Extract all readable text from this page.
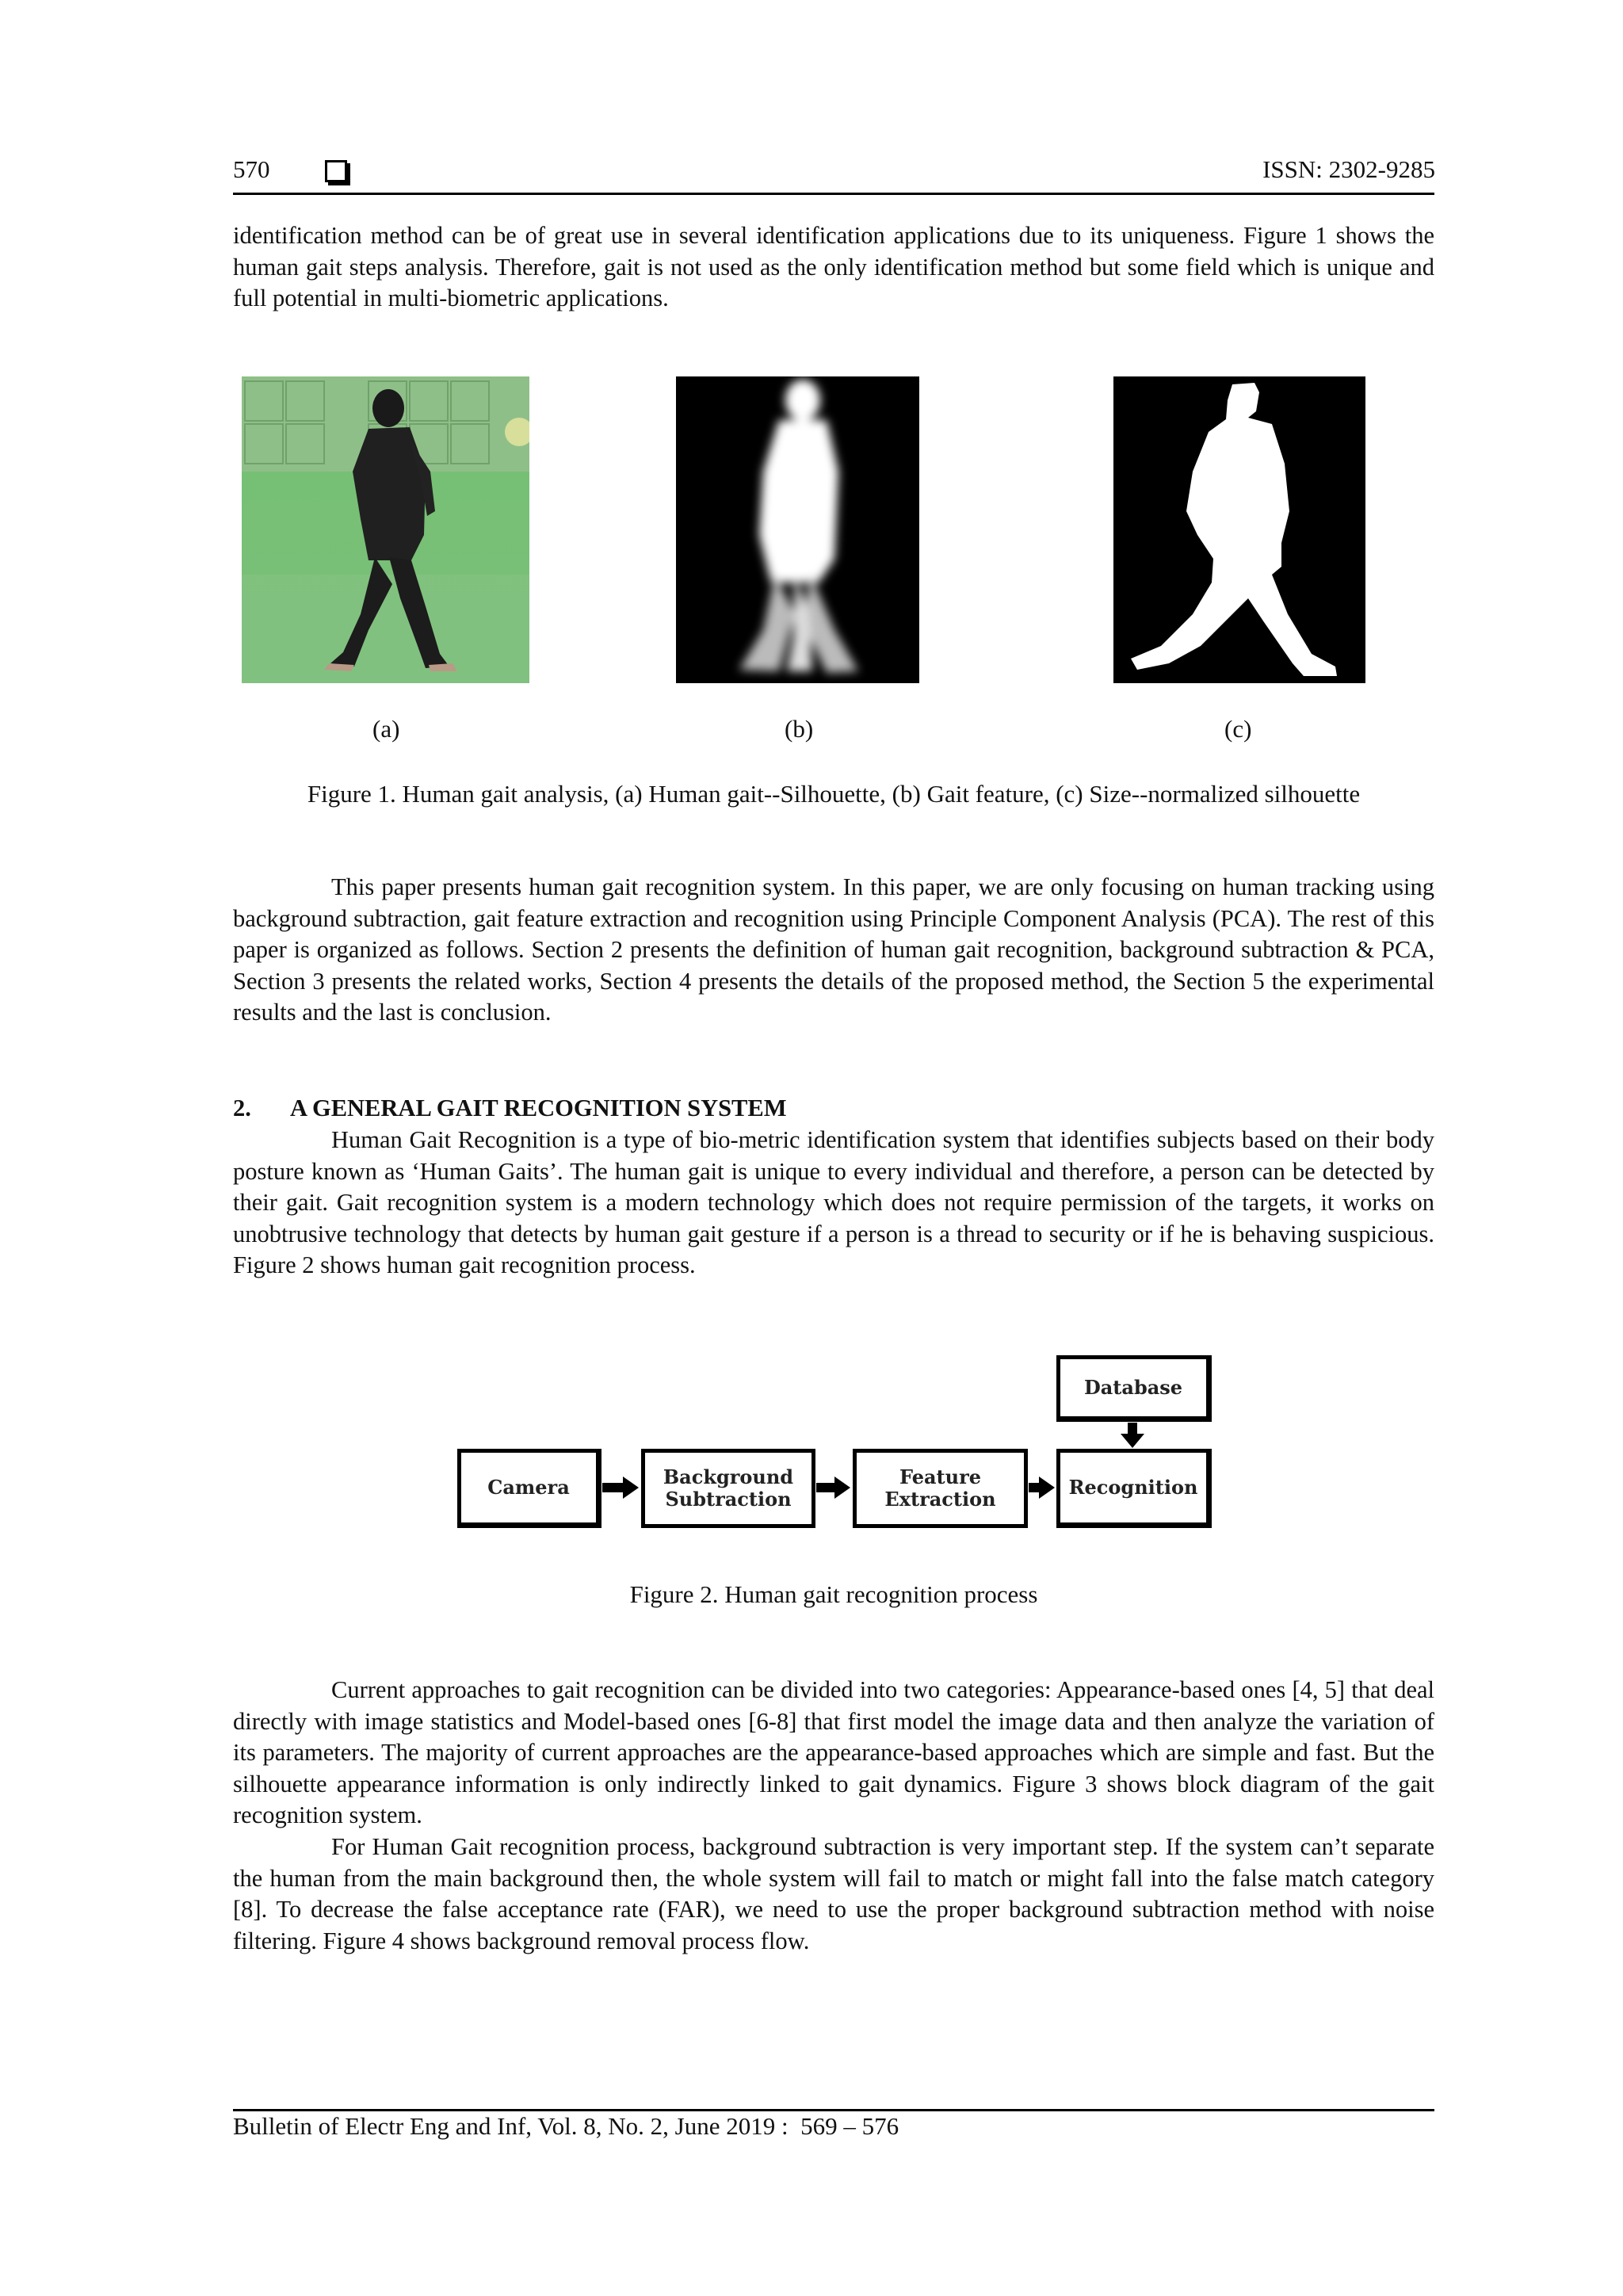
570	ISSN: 2302-9285

identification method can be of great use in several identification applications due to its uniqueness. Figure 1 shows the human gait steps analysis. Therefore, gait is not used as the only identification method but some field which is unique and full potential in multi-biometric applications.

(a)	(b)	(c)
Figure 1. Human gait analysis, (a) Human gait--Silhouette, (b) Gait feature, (c) Size--normalized silhouette

This paper presents human gait recognition system. In this paper, we are only focusing on human tracking using background subtraction, gait feature extraction and recognition using Principle Component Analysis (PCA). The rest of this paper is organized as follows. Section 2 presents the definition of human gait recognition, background subtraction & PCA, Section 3 presents the related works, Section 4 presents the details of the proposed method, the Section 5 the experimental results and the last is conclusion.

2. A GENERAL GAIT RECOGNITION SYSTEM

Human Gait Recognition is a type of bio-metric identification system that identifies subjects based on their body posture known as ‘Human Gaits’. The human gait is unique to every individual and therefore, a person can be detected by their gait. Gait recognition system is a modern technology which does not require permission of the targets, it works on unobtrusive technology that detects by human gait gesture if a person is a thread to security or if he is behaving suspicious. Figure 2 shows human gait recognition process.

Database
Camera	Background
Subtraction
Feature
Extraction
Recognition
Figure 2. Human gait recognition process

Current approaches to gait recognition can be divided into two categories: Appearance-based ones [4, 5] that deal directly with image statistics and Model-based ones [6-8] that first model the image data and then analyze the variation of its parameters. The majority of current approaches are the appearance-based approaches which are simple and fast. But the silhouette appearance information is only indirectly linked to gait dynamics. Figure 3 shows block diagram of the gait recognition system.

For Human Gait recognition process, background subtraction is very important step. If the system can’t separate the human from the main background then, the whole system will fail to match or might fall into the false match category [8]. To decrease the false acceptance rate (FAR), we need to use the proper background subtraction method with noise filtering. Figure 4 shows background removal process flow.

Bulletin of Electr Eng and Inf, Vol. 8, No. 2, June 2019 :  569 – 576
